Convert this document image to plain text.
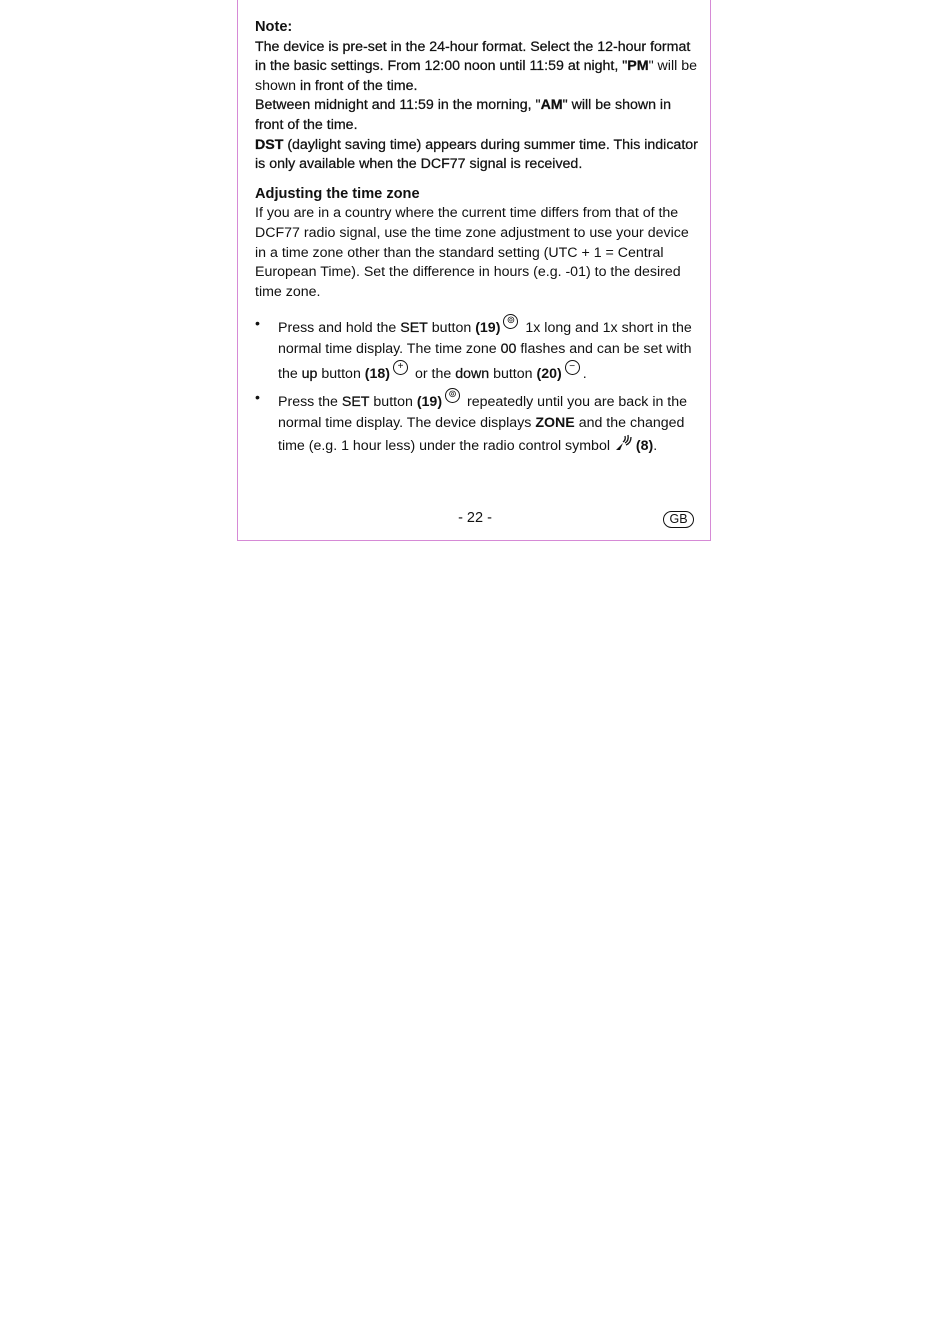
Note:

The device is pre-set in the 24-hour format. Select the 12-hour format in the basic settings. From 12:00 noon until 11:59 at night, "PM" will be shown in front of the time.

Between midnight and 11:59 in the morning, "AM" will be shown in front of the time.

DST (daylight saving time) appears during summer time. This indicator is only available when the DCF77 signal is received.

Adjusting the time zone

If you are in a country where the current time differs from that of the DCF77 radio signal, use the time zone adjustment to use your device in a time zone other than the standard setting (UTC + 1 = Central European Time). Set the difference in hours (e.g. -01) to the desired time zone.

• Press and hold the SET button (19) ⊚ 1x long and 1x short in the normal time display. The time zone 00 flashes and can be set with the up button (18) + or the down button (20) − .
• Press the SET button (19) ⊚ repeatedly until you are back in the normal time display. The device displays ZONE and the changed time (e.g. 1 hour less) under the radio control symbol  (8).
- 22 -	GB
